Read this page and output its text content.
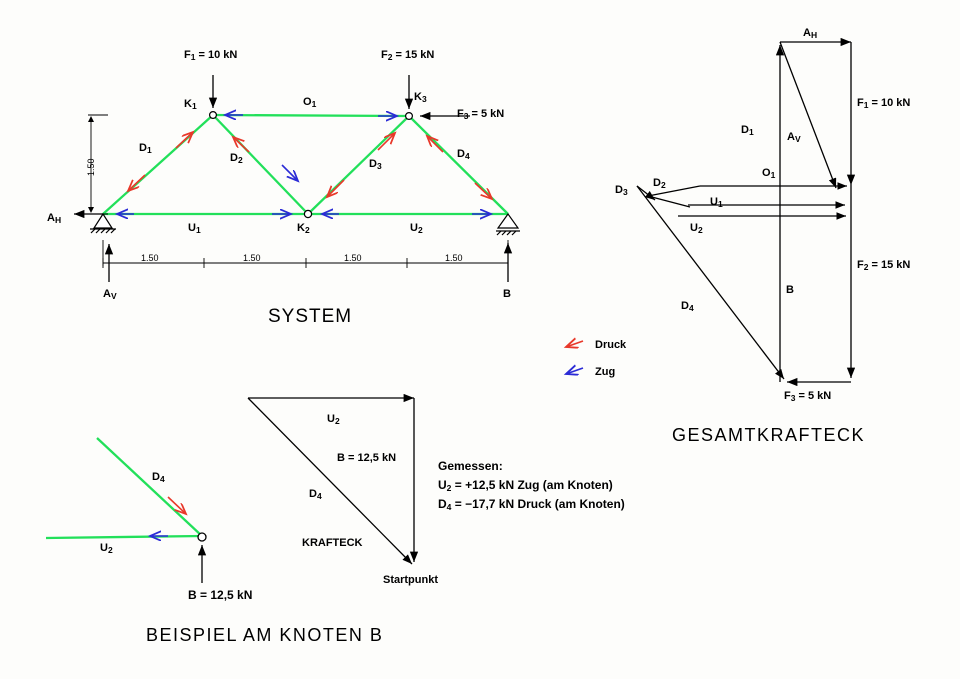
F1 = 10 kN	F2 = 15 kN
F3 = 5 kN
K1
K2
K3
D1
D2	D3
D4
O1
U1	U2
AH
AV	B
1.50
1.50	1.50	1.50	1.50
SYSTEM
Druck
Zug
AH
AV
D1
D2
D3
D4
O1
U1
U2
B
F1 = 10 kN
F2 = 15 kN
F3 = 5 kN
GESAMTKRAFTECK
D4
U2
B = 12,5 kN
U2
B = 12,5 kN
D4
KRAFTECK
Startpunkt
Gemessen:
U2 = +12,5 kN Zug (am Knoten)
D4 = −17,7 kN Druck (am Knoten)
BEISPIEL AM KNOTEN B
